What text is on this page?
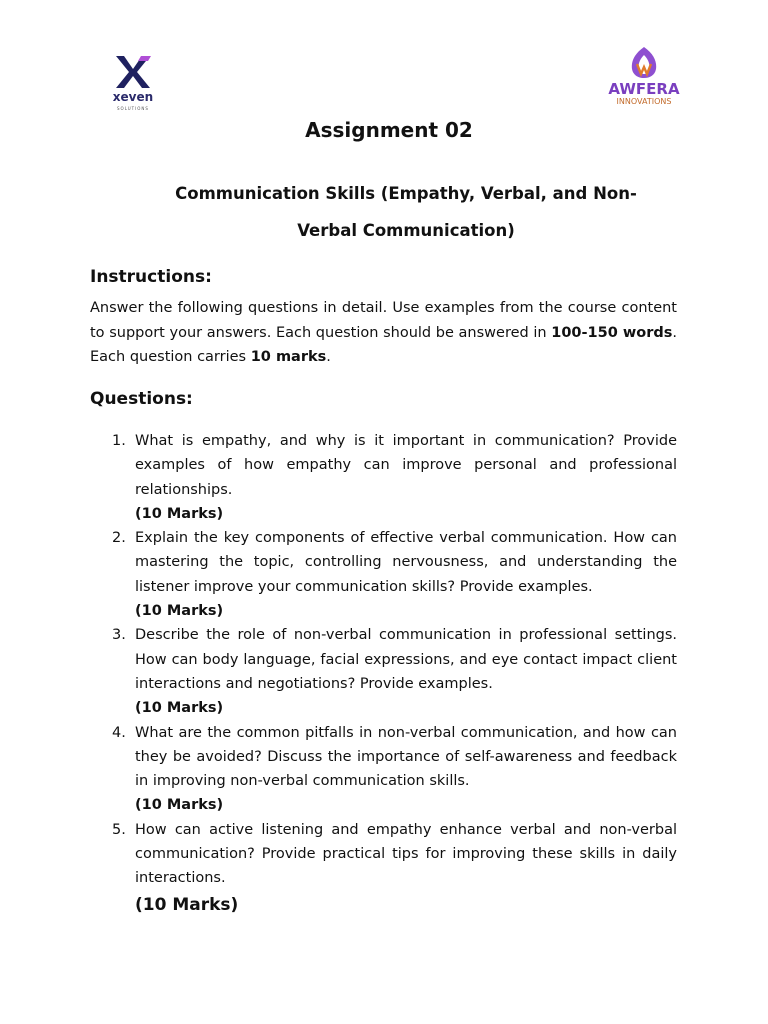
xeven
SOLUTIONS
AWFERA
INNOVATIONS
Assignment 02
Communication Skills (Empathy, Verbal, and Non-Verbal Communication)
Instructions:
Answer the following questions in detail. Use examples from the course content to support your answers. Each question should be answered in 100-150 words. Each question carries 10 marks.
Questions:
1. What is empathy, and why is it important in communication? Provide examples of how empathy can improve personal and professional relationships.
(10 Marks)
2. Explain the key components of effective verbal communication. How can mastering the topic, controlling nervousness, and understanding the listener improve your communication skills? Provide examples.
(10 Marks)
3. Describe the role of non-verbal communication in professional settings. How can body language, facial expressions, and eye contact impact client interactions and negotiations? Provide examples.
(10 Marks)
4. What are the common pitfalls in non-verbal communication, and how can they be avoided? Discuss the importance of self-awareness and feedback in improving non-verbal communication skills.
(10 Marks)
5. How can active listening and empathy enhance verbal and non-verbal communication? Provide practical tips for improving these skills in daily interactions.
(10 Marks)
